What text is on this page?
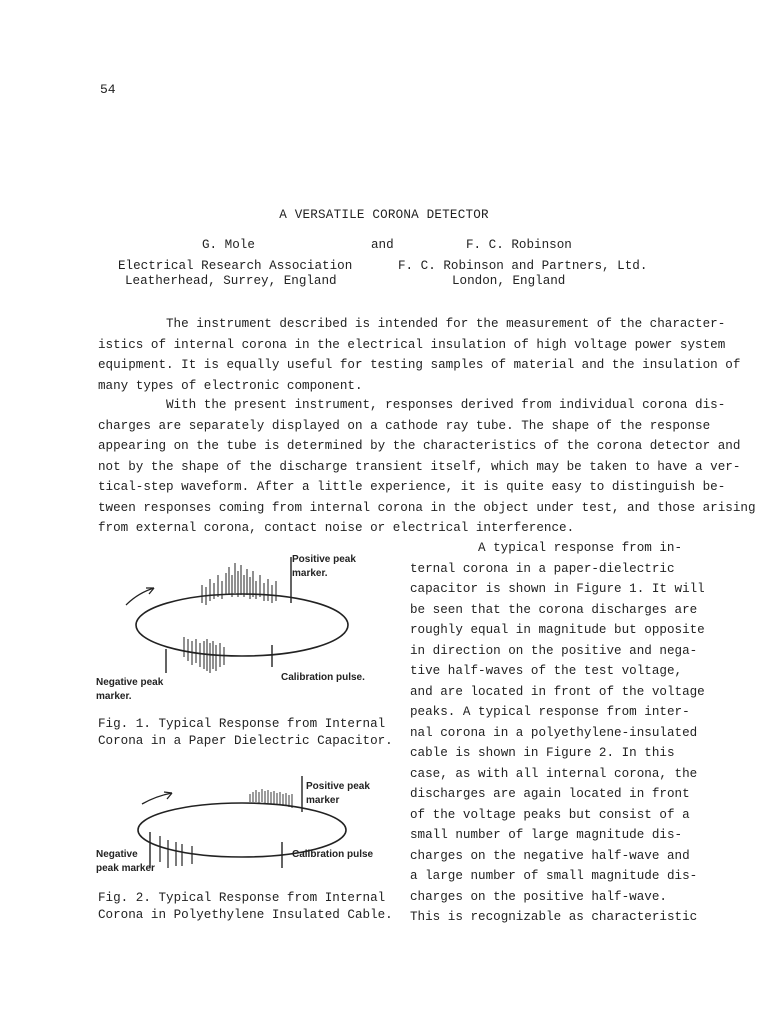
54
A VERSATILE CORONA DETECTOR
G. Mole	and	F. C. Robinson
Electrical Research Association
Leatherhead, Surrey, England
F. C. Robinson and Partners, Ltd.
London, England
The instrument described is intended for the measurement of the character-
istics of internal corona in the electrical insulation of high voltage power system
equipment. It is equally useful for testing samples of material and the insulation of
many types of electronic component.
With the present instrument, responses derived from individual corona dis-
charges are separately displayed on a cathode ray tube. The shape of the response
appearing on the tube is determined by the characteristics of the corona detector and
not by the shape of the discharge transient itself, which may be taken to have a ver-
tical-step waveform. After a little experience, it is quite easy to distinguish be-
tween responses coming from internal corona in the object under test, and those arising
from external corona, contact noise or electrical interference.
A typical response from in-
ternal corona in a paper-dielectric
capacitor is shown in Figure 1. It will
be seen that the corona discharges are
roughly equal in magnitude but opposite
in direction on the positive and nega-
tive half-waves of the test voltage,
and are located in front of the voltage
peaks. A typical response from inter-
nal corona in a polyethylene-insulated
cable is shown in Figure 2. In this
case, as with all internal corona, the
discharges are again located in front
of the voltage peaks but consist of a
small number of large magnitude dis-
charges on the negative half-wave and
a large number of small magnitude dis-
charges on the positive half-wave.
This is recognizable as characteristic
Positive peak
marker.
Calibration pulse.
Negative peak
marker.
Fig. 1. Typical Response from Internal
Corona in a Paper Dielectric Capacitor.
Positive peak
marker
Calibration pulse
Negative
peak marker
Fig. 2. Typical Response from Internal
Corona in Polyethylene Insulated Cable.
